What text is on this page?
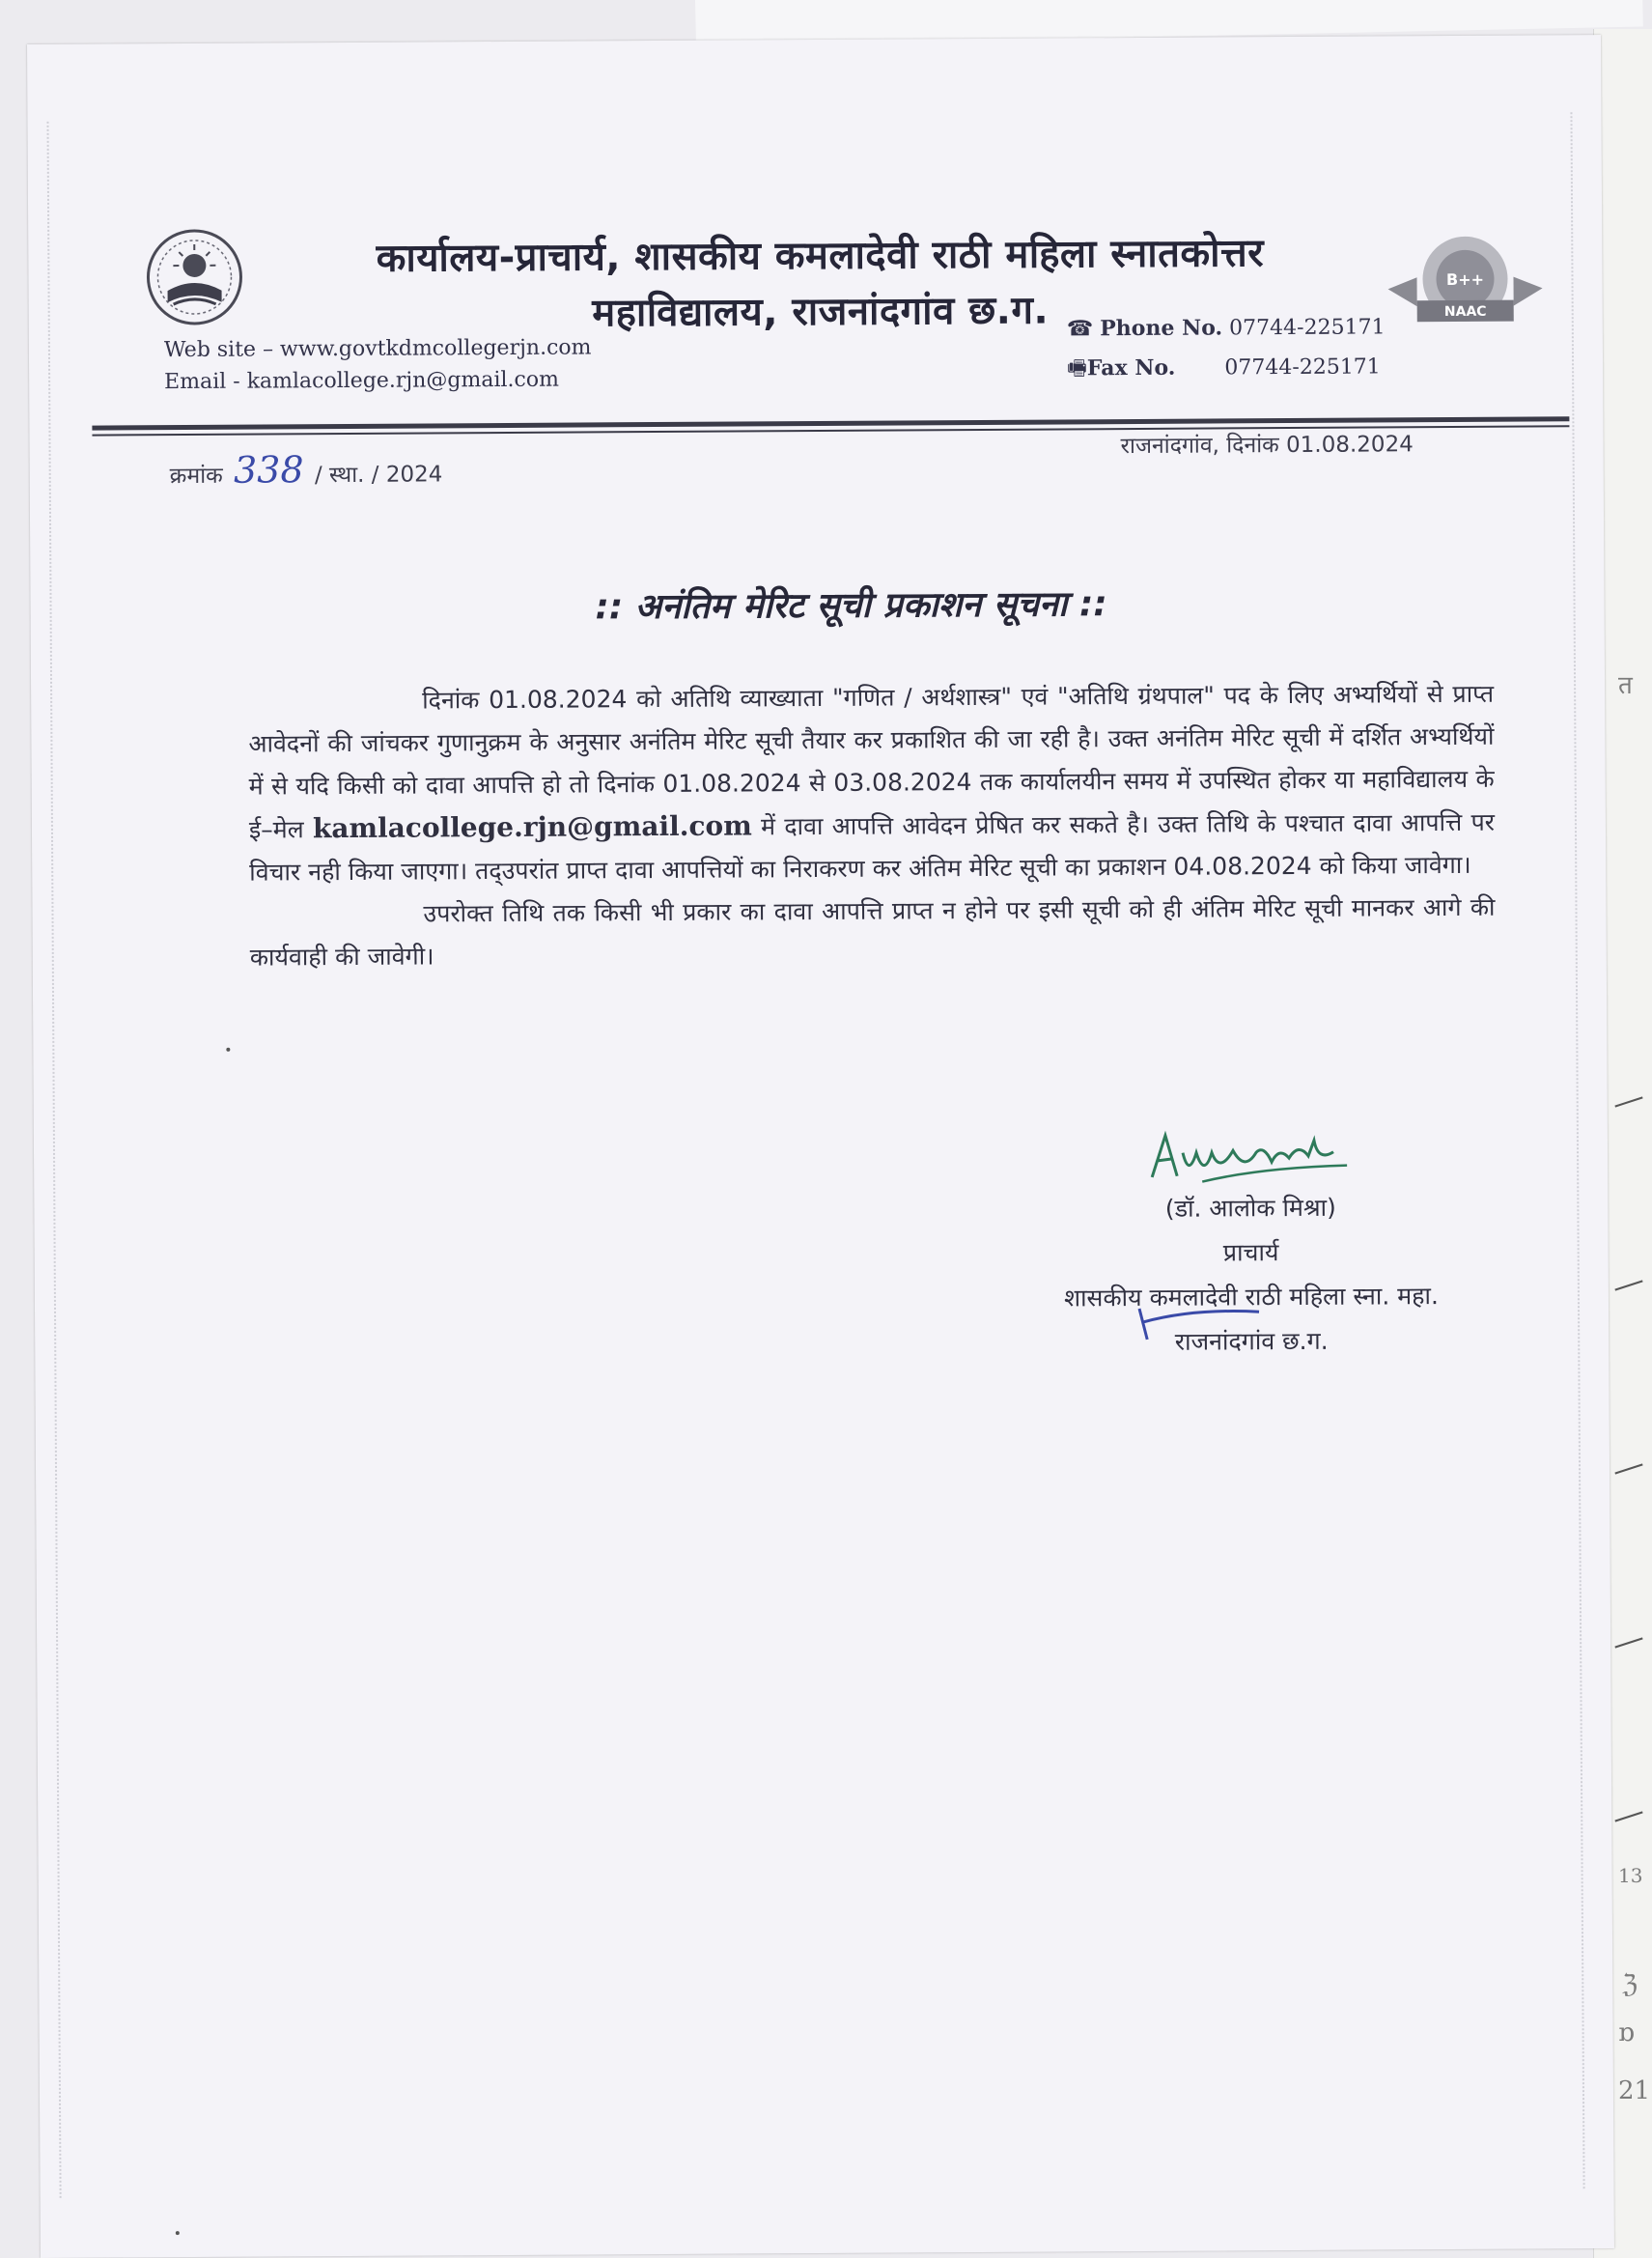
त
13
ℨ
ɒ
21
B++
NAAC
कार्यालय-प्राचार्य, शासकीय कमलादेवी राठी महिला स्नातकोत्तर
महाविद्यालय, राजनांदगांव छ.ग.
Web site – www.govtkdmcollegerjn.com
Email - kamlacollege.rjn@gmail.com
☎ Phone No. 07744-225171
🖷Fax No. 07744-225171
क्रमांक 338 / स्था. / 2024
राजनांदगांव, दिनांक 01.08.2024
:: अनंतिम मेरिट सूची प्रकाशन सूचना ::

दिनांक 01.08.2024 को अतिथि व्याख्याता "गणित / अर्थशास्त्र" एवं "अतिथि ग्रंथपाल" पद के लिए अभ्यर्थियों से प्राप्त आवेदनों की जांचकर गुणानुक्रम के अनुसार अनंतिम मेरिट सूची तैयार कर प्रकाशित की जा रही है। उक्त अनंतिम मेरिट सूची में दर्शित अभ्यर्थियों में से यदि किसी को दावा आपत्ति हो तो दिनांक 01.08.2024 से 03.08.2024 तक कार्यालयीन समय में उपस्थित होकर या महाविद्यालय के ई–मेल kamlacollege.rjn@gmail.com में दावा आपत्ति आवेदन प्रेषित कर सकते है। उक्त तिथि के पश्चात दावा आपत्ति पर विचार नही किया जाएगा। तद्उपरांत प्राप्त दावा आपत्तियों का निराकरण कर अंतिम मेरिट सूची का प्रकाशन 04.08.2024 को किया जावेगा।

उपरोक्त तिथि तक किसी भी प्रकार का दावा आपत्ति प्राप्त न होने पर इसी सूची को ही अंतिम मेरिट सूची मानकर आगे की कार्यवाही की जावेगी।

(डॉ. आलोक मिश्रा)
प्राचार्य
शासकीय कमलादेवी राठी महिला स्ना. महा.
राजनांदगांव छ.ग.
